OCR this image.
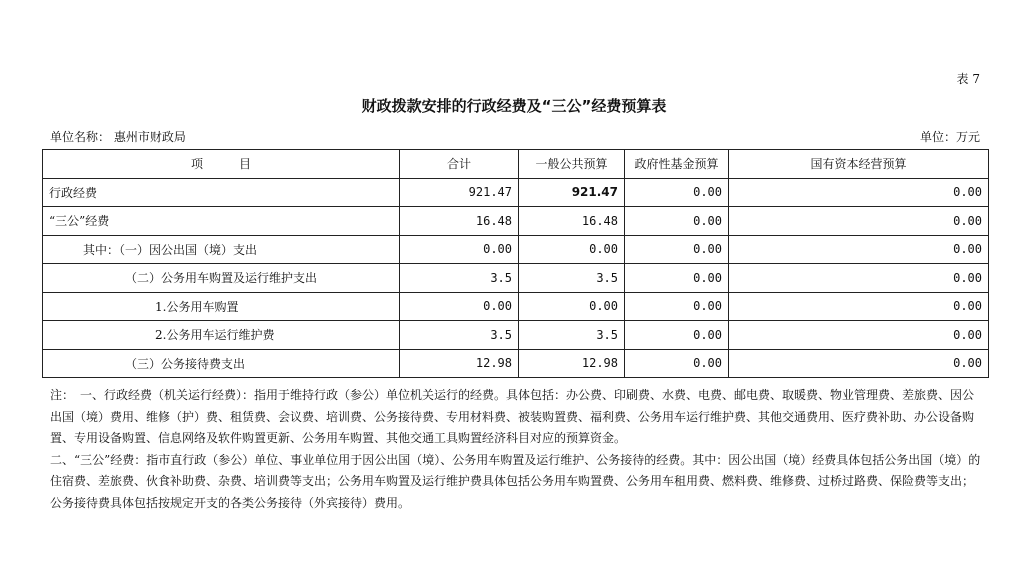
表 7
财政拨款安排的行政经费及“三公”经费预算表
单位名称： 惠州市财政局	单位：万元
项　　　目	合计	一般公共预算	政府性基金预算	国有资本经营预算
行政经费	921.47	921.47	0.00	0.00
“三公”经费	16.48	16.48	0.00	0.00
其中：（一）因公出国（境）支出	0.00	0.00	0.00	0.00
（二）公务用车购置及运行维护支出	3.5	3.5	0.00	0.00
1.公务用车购置	0.00	0.00	0.00	0.00
2.公务用车运行维护费	3.5	3.5	0.00	0.00
（三）公务接待费支出	12.98	12.98	0.00	0.00

注：　一、行政经费（机关运行经费）：指用于维持行政（参公）单位机关运行的经费。具体包括：办公费、印刷费、水费、电费、邮电费、取暖费、物业管理费、差旅费、因公出国（境）费用、维修（护）费、租赁费、会议费、培训费、公务接待费、专用材料费、被装购置费、福利费、公务用车运行维护费、其他交通费用、医疗费补助、办公设备购置、专用设备购置、信息网络及软件购置更新、公务用车购置、其他交通工具购置经济科目对应的预算资金。

二、“三公”经费：指市直行政（参公）单位、事业单位用于因公出国（境）、公务用车购置及运行维护、公务接待的经费。其中：因公出国（境）经费具体包括公务出国（境）的住宿费、差旅费、伙食补助费、杂费、培训费等支出；公务用车购置及运行维护费具体包括公务用车购置费、公务用车租用费、燃料费、维修费、过桥过路费、保险费等支出；公务接待费具体包括按规定开支的各类公务接待（外宾接待）费用。
